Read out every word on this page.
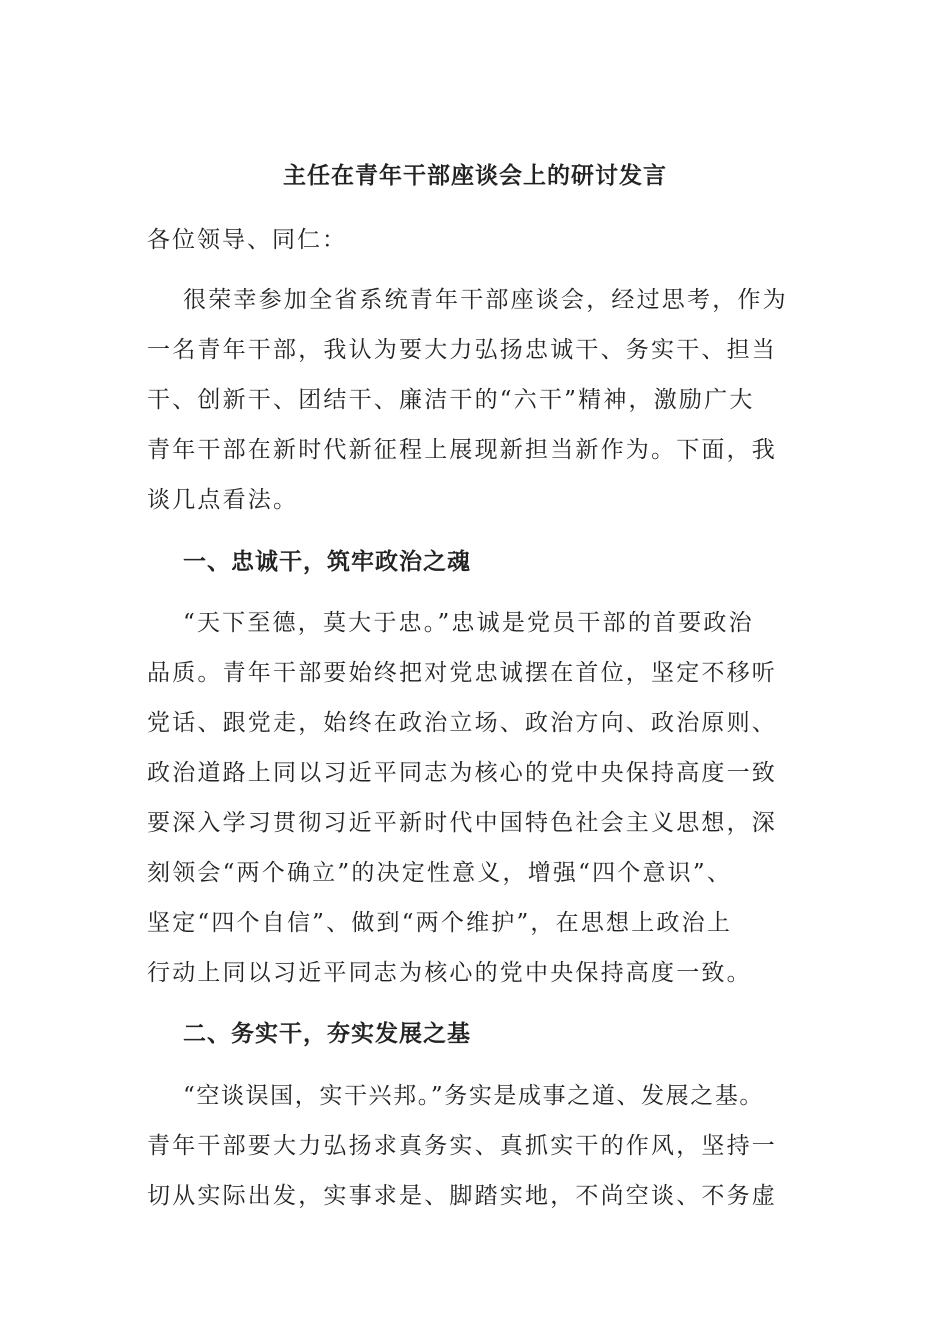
主任在青年干部座谈会上的研讨发言
各位领导、同仁：
很荣幸参加全省系统青年干部座谈会，经过思考，作为
一名青年干部，我认为要大力弘扬忠诚干、务实干、担当
干、创新干、团结干、廉洁干的“六干”精神，激励广大
青年干部在新时代新征程上展现新担当新作为。下面，我
谈几点看法。
一、忠诚干，筑牢政治之魂
“天下至德，莫大于忠。”忠诚是党员干部的首要政治
品质。青年干部要始终把对党忠诚摆在首位，坚定不移听
党话、跟党走，始终在政治立场、政治方向、政治原则、
政治道路上同以习近平同志为核心的党中央保持高度一致
要深入学习贯彻习近平新时代中国特色社会主义思想，深
刻领会“两个确立”的决定性意义，增强“四个意识”、
坚定“四个自信”、做到“两个维护”，在思想上政治上
行动上同以习近平同志为核心的党中央保持高度一致。
二、务实干，夯实发展之基
“空谈误国，实干兴邦。”务实是成事之道、发展之基。
青年干部要大力弘扬求真务实、真抓实干的作风，坚持一
切从实际出发，实事求是、脚踏实地，不尚空谈、不务虚
